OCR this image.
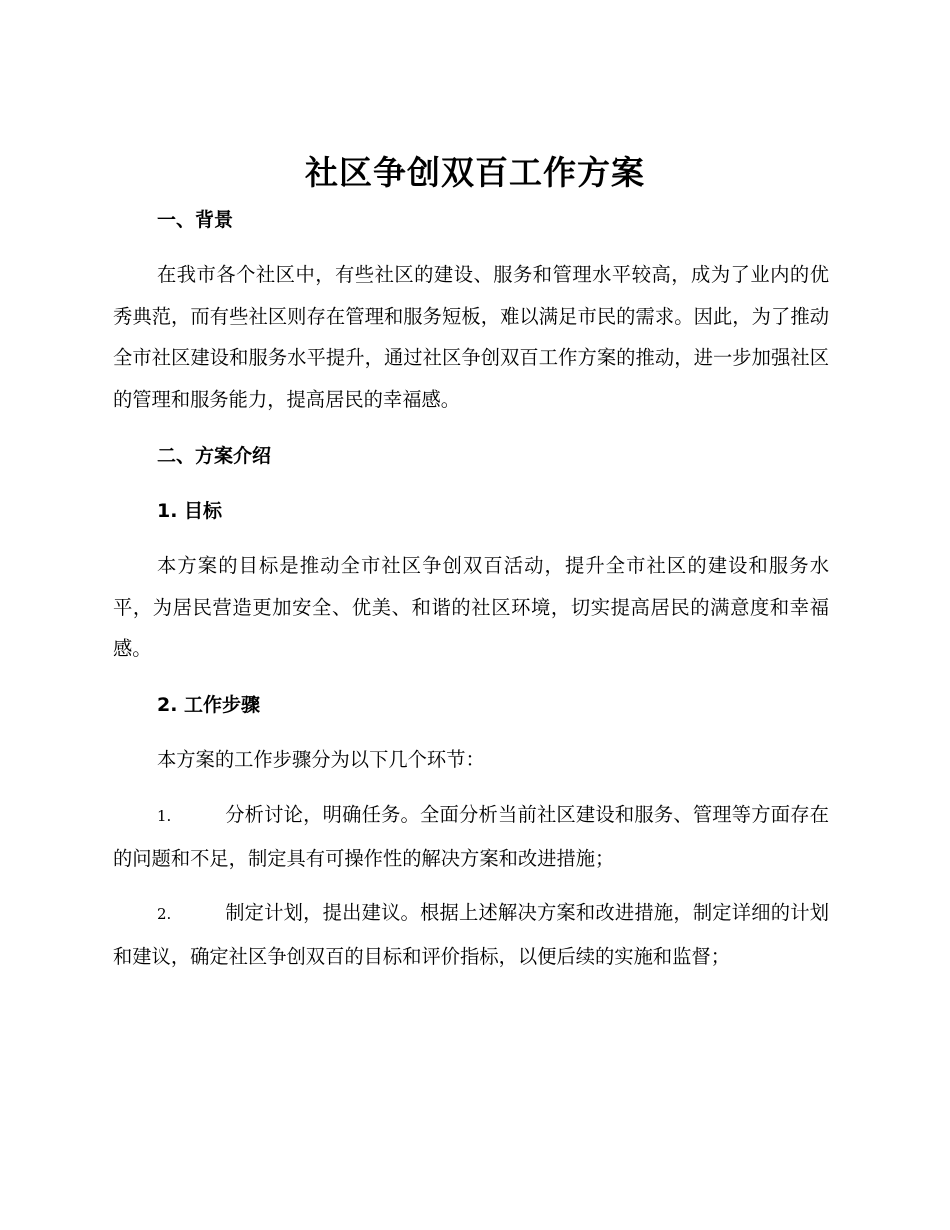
社区争创双百工作方案
一、背景

在我市各个社区中，有些社区的建设、服务和管理水平较高，成为了业内的优秀典范，而有些社区则存在管理和服务短板，难以满足市民的需求。因此，为了推动全市社区建设和服务水平提升，通过社区争创双百工作方案的推动，进一步加强社区的管理和服务能力，提高居民的幸福感。

二、方案介绍
1. 目标

本方案的目标是推动全市社区争创双百活动，提升全市社区的建设和服务水平，为居民营造更加安全、优美、和谐的社区环境，切实提高居民的满意度和幸福感。

2. 工作步骤

本方案的工作步骤分为以下几个环节：

1.	分析讨论，明确任务。全面分析当前社区建设和服务、管理等方面存在的问题和不足，制定具有可操作性的解决方案和改进措施；

2.	制定计划，提出建议。根据上述解决方案和改进措施，制定详细的计划和建议，确定社区争创双百的目标和评价指标，以便后续的实施和监督；
